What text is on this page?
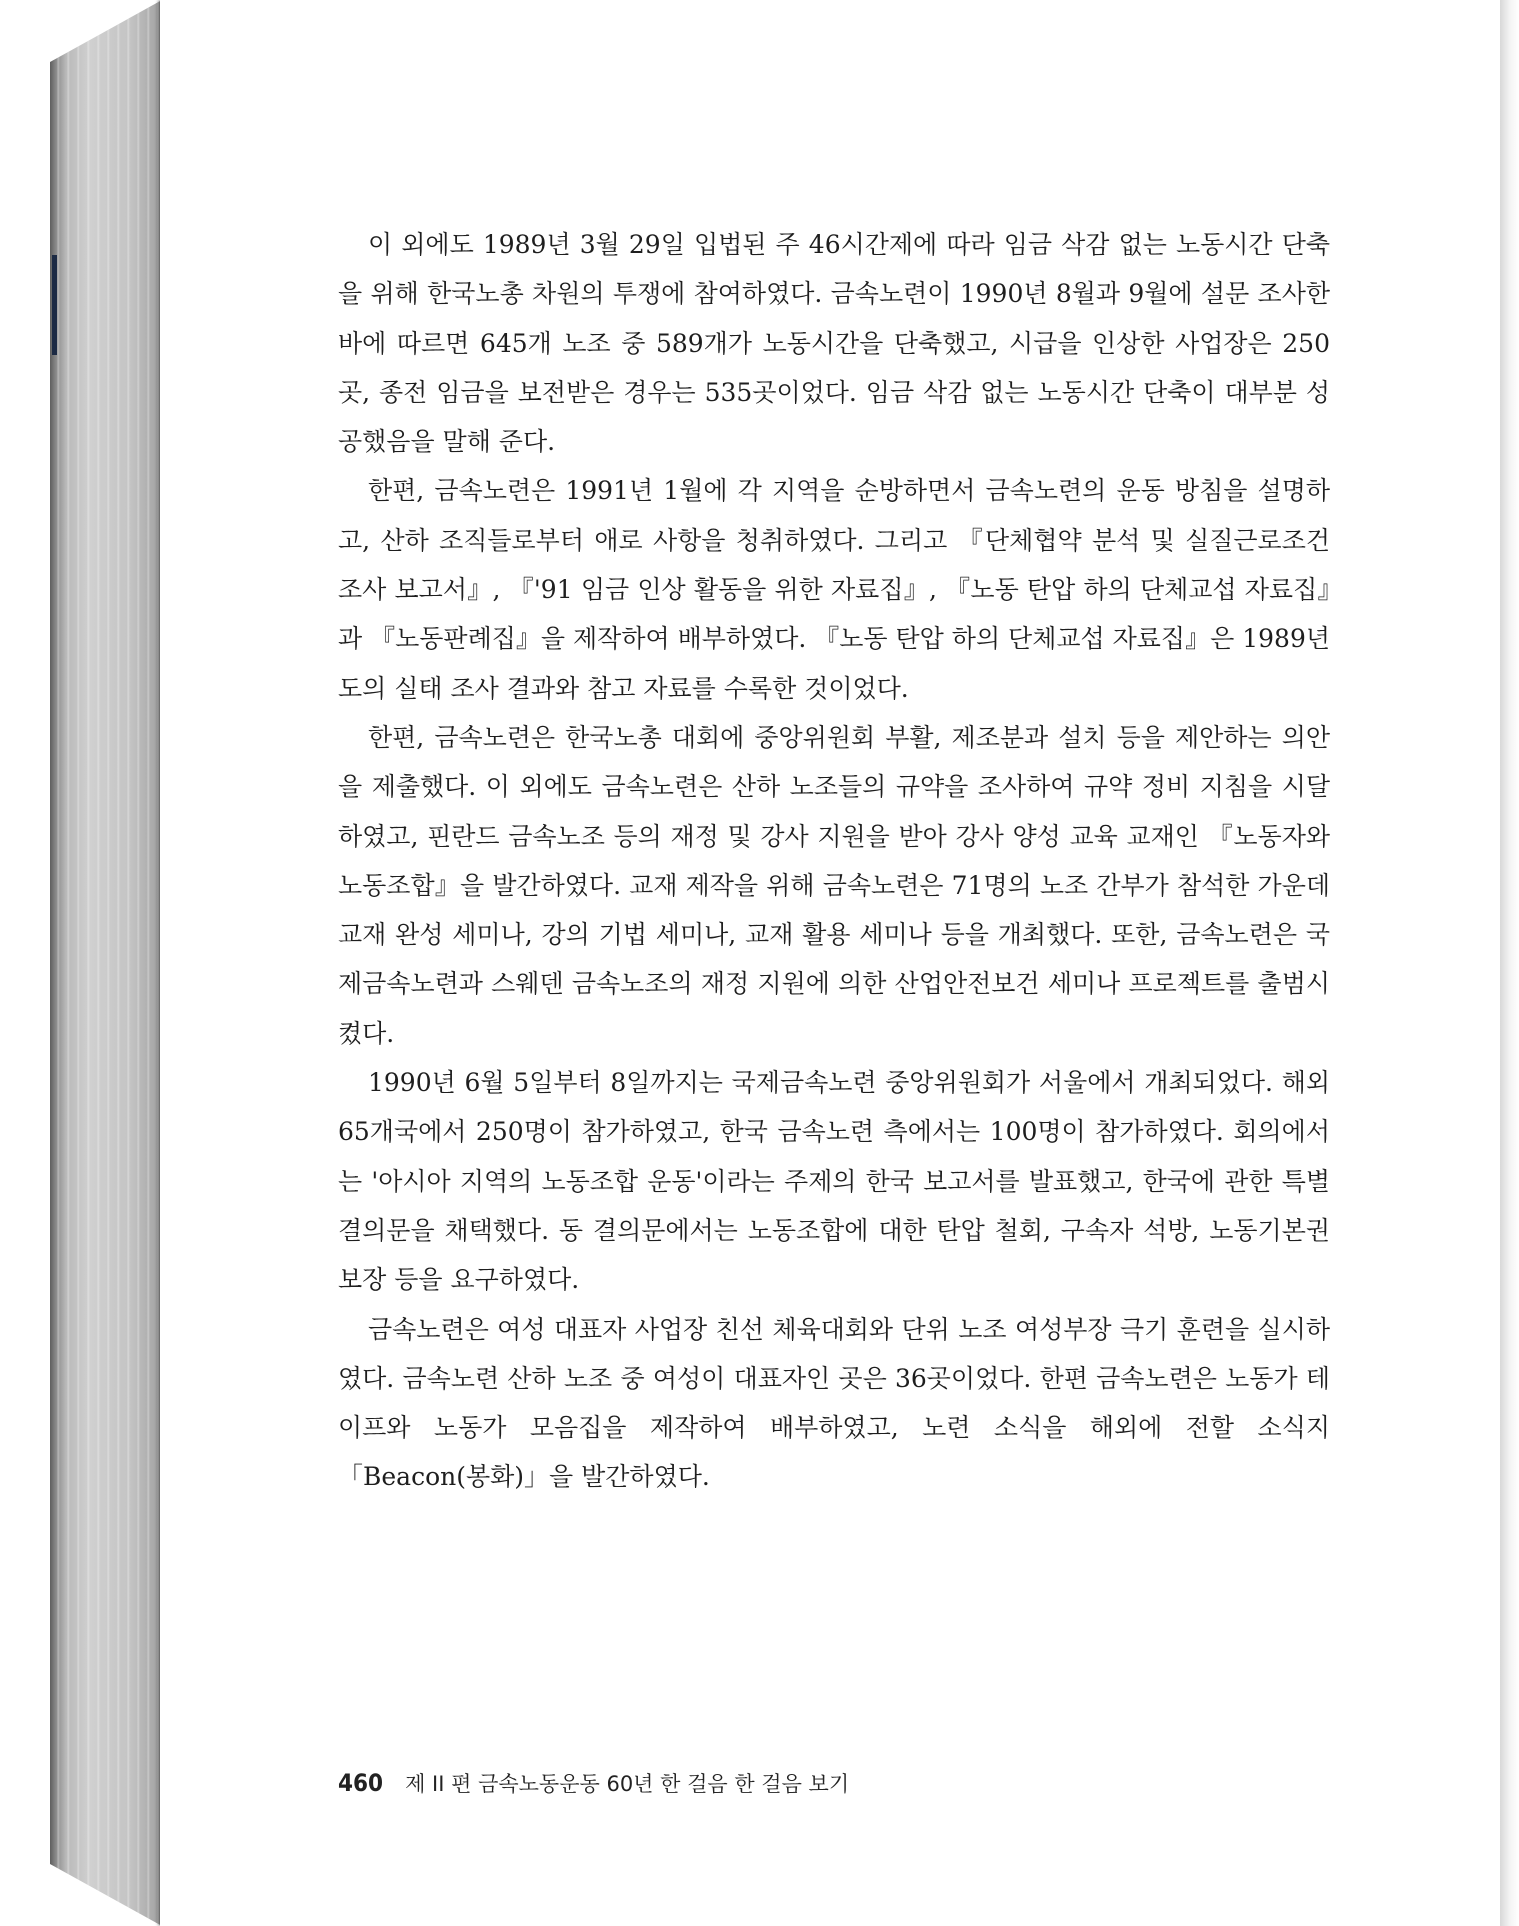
이 외에도 1989년 3월 29일 입법된 주 46시간제에 따라 임금 삭감 없는 노동시간 단축을 위해 한국노총 차원의 투쟁에 참여하였다. 금속노련이 1990년 8월과 9월에 설문 조사한 바에 따르면 645개 노조 중 589개가 노동시간을 단축했고, 시급을 인상한 사업장은 250곳, 종전 임금을 보전받은 경우는 535곳이었다. 임금 삭감 없는 노동시간 단축이 대부분 성공했음을 말해 준다.

한편, 금속노련은 1991년 1월에 각 지역을 순방하면서 금속노련의 운동 방침을 설명하고, 산하 조직들로부터 애로 사항을 청취하였다. 그리고 『단체협약 분석 및 실질근로조건 조사 보고서』, 『'91 임금 인상 활동을 위한 자료집』, 『노동 탄압 하의 단체교섭 자료집』과 『노동판례집』을 제작하여 배부하였다. 『노동 탄압 하의 단체교섭 자료집』은 1989년도의 실태 조사 결과와 참고 자료를 수록한 것이었다.

한편, 금속노련은 한국노총 대회에 중앙위원회 부활, 제조분과 설치 등을 제안하는 의안을 제출했다. 이 외에도 금속노련은 산하 노조들의 규약을 조사하여 규약 정비 지침을 시달하였고, 핀란드 금속노조 등의 재정 및 강사 지원을 받아 강사 양성 교육 교재인 『노동자와 노동조합』을 발간하였다. 교재 제작을 위해 금속노련은 71명의 노조 간부가 참석한 가운데 교재 완성 세미나, 강의 기법 세미나, 교재 활용 세미나 등을 개최했다. 또한, 금속노련은 국제금속노련과 스웨덴 금속노조의 재정 지원에 의한 산업안전보건 세미나 프로젝트를 출범시켰다.

1990년 6월 5일부터 8일까지는 국제금속노련 중앙위원회가 서울에서 개최되었다. 해외 65개국에서 250명이 참가하였고, 한국 금속노련 측에서는 100명이 참가하였다. 회의에서는 '아시아 지역의 노동조합 운동'이라는 주제의 한국 보고서를 발표했고, 한국에 관한 특별 결의문을 채택했다. 동 결의문에서는 노동조합에 대한 탄압 철회, 구속자 석방, 노동기본권 보장 등을 요구하였다.

금속노련은 여성 대표자 사업장 친선 체육대회와 단위 노조 여성부장 극기 훈련을 실시하였다. 금속노련 산하 노조 중 여성이 대표자인 곳은 36곳이었다. 한편 금속노련은 노동가 테이프와 노동가 모음집을 제작하여 배부하였고, 노련 소식을 해외에 전할 소식지 「Beacon(봉화)」을 발간하였다.

460 제 II 편 금속노동운동 60년 한 걸음 한 걸음 보기
